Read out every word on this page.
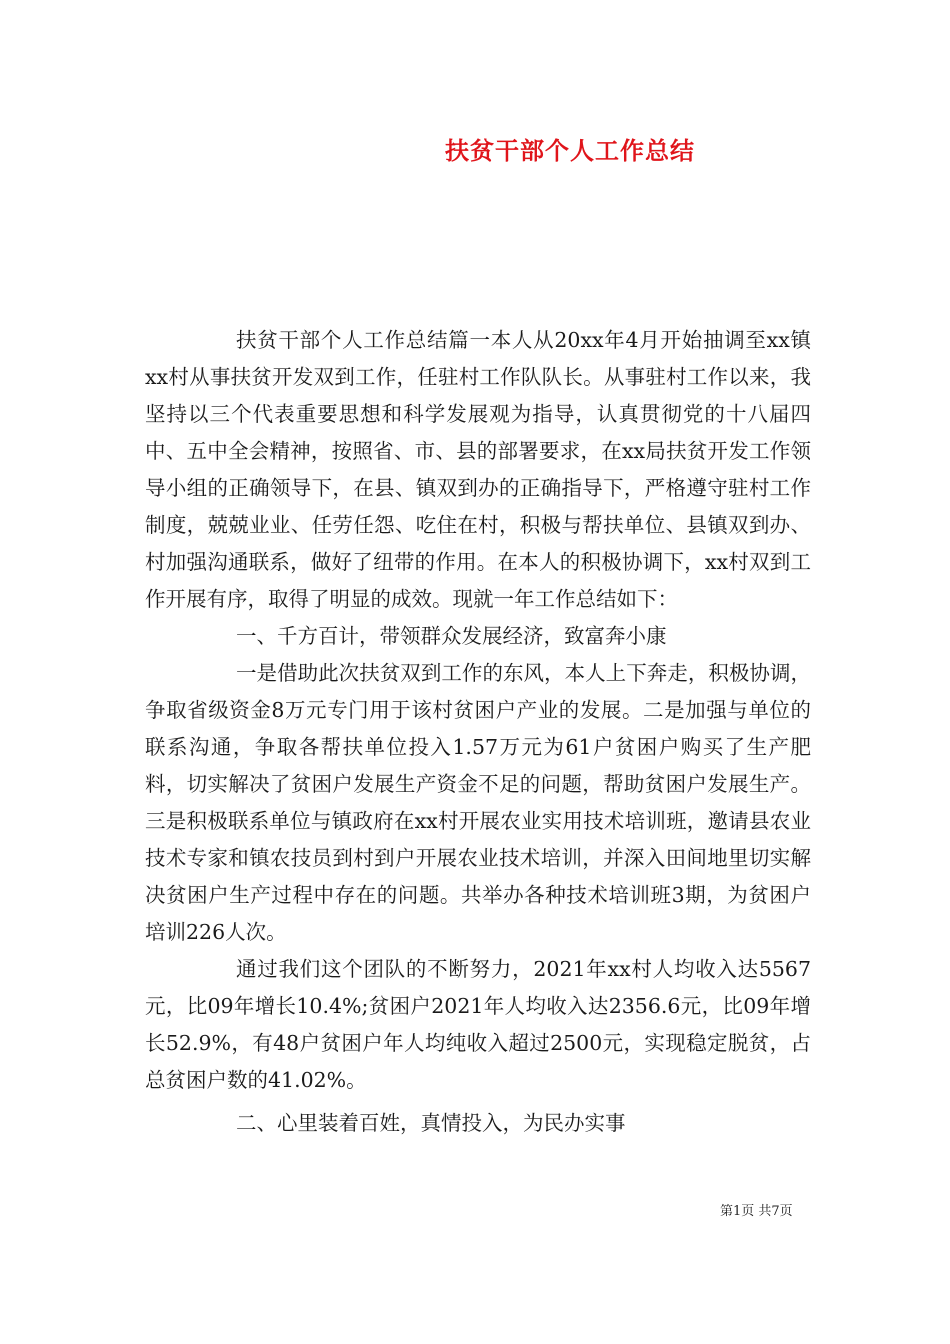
扶贫干部个人工作总结

扶贫干部个人工作总结篇一本人从20xx年4月开始抽调至xx镇xx村从事扶贫开发双到工作，任驻村工作队队长。从事驻村工作以来，我坚持以三个代表重要思想和科学发展观为指导，认真贯彻党的十八届四中、五中全会精神，按照省、市、县的部署要求，在xx局扶贫开发工作领导小组的正确领导下，在县、镇双到办的正确指导下，严格遵守驻村工作制度，兢兢业业、任劳任怨、吃住在村，积极与帮扶单位、县镇双到办、村加强沟通联系，做好了纽带的作用。在本人的积极协调下，xx村双到工作开展有序，取得了明显的成效。现就一年工作总结如下：

一、千方百计，带领群众发展经济，致富奔小康

一是借助此次扶贫双到工作的东风，本人上下奔走，积极协调，争取省级资金8万元专门用于该村贫困户产业的发展。二是加强与单位的联系沟通，争取各帮扶单位投入1.57万元为61户贫困户购买了生产肥料，切实解决了贫困户发展生产资金不足的问题，帮助贫困户发展生产。三是积极联系单位与镇政府在xx村开展农业实用技术培训班，邀请县农业技术专家和镇农技员到村到户开展农业技术培训，并深入田间地里切实解决贫困户生产过程中存在的问题。共举办各种技术培训班3期，为贫困户培训226人次。

通过我们这个团队的不断努力，2021年xx村人均收入达5567元，比09年增长10.4%;贫困户2021年人均收入达2356.6元，比09年增长52.9%，有48户贫困户年人均纯收入超过2500元，实现稳定脱贫，占总贫困户数的41.02%。

二、心里装着百姓，真情投入，为民办实事

第1页 共7页
